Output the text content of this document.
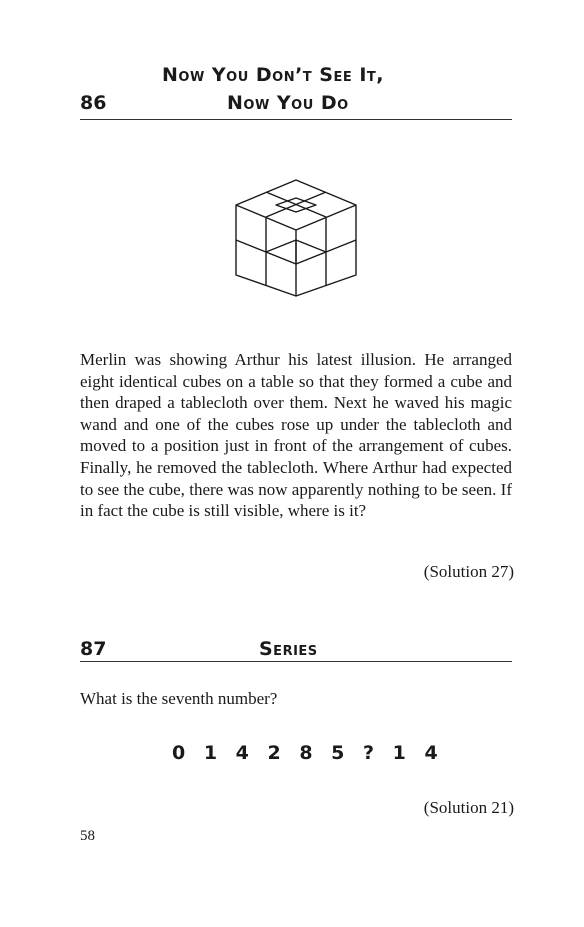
Now You Don’t See It,
86	Now You Do
Merlin was showing Arthur his latest illusion. He arranged eight identical cubes on a table so that they formed a cube and then draped a tablecloth over them. Next he waved his magic wand and one of the cubes rose up under the tablecloth and moved to a position just in front of the arrangement of cubes. Finally, he removed the tablecloth. Where Arthur had expected to see the cube, there was now apparently nothing to be seen. If in fact the cube is still visible, where is it?
(Solution 27)
87	Series
What is the seventh number?
0 1 4 2 8 5 ? 1 4
(Solution 21)
58
